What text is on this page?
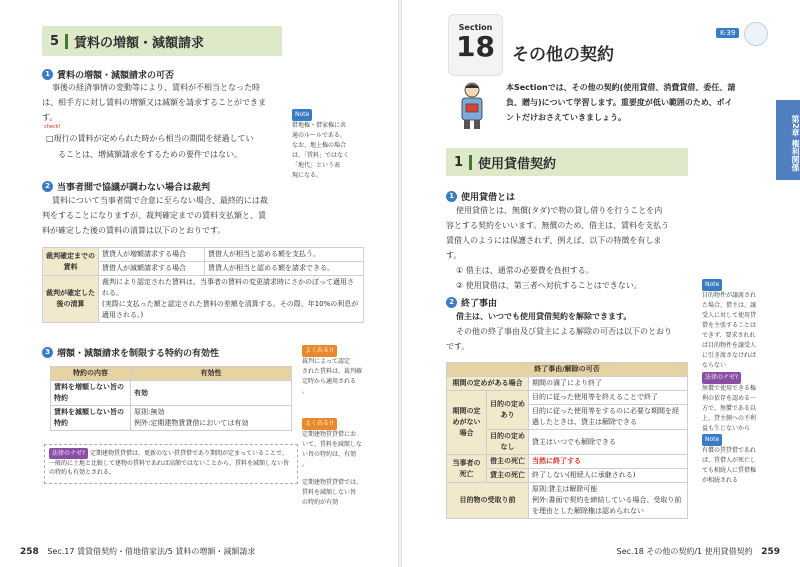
5	賃料の増額・減額請求
1 賃料の増額・減額請求の可否
事後の経済事情の変動等により、賃料が不相当となった時
は、相手方に対し賃料の増額又は減額を請求することができま
す。
check!
□現行の賃料が定められた時から相当の期間を経過してい
ることは、増減額請求をするための要件ではない。
Note
借地権・借家権に共
通のルールである。
なお、地上権の場合
は、「賃料」ではなく
「地代」という表
現になる。
2 当事者間で協議が調わない場合は裁判
賃料について当事者間で合意に至らない場合、最終的には裁
判をすることになりますが、裁判確定までの賃料支払額と、賃
料が確定した後の賃料の清算は以下のとおりです。
裁判確定までの賃料	賃貸人が増額請求する場合	賃借人が相当と認める額を支払う。
	賃借人が減額請求する場合	賃貸人が相当と認める額を請求できる。
裁判が確定した後の清算	裁判により認定された賃料は、当事者の賃料の変更請求時にさかのぼって適用される。
(実際に支払った額と認定された賃料の差額を清算する。その際、年10%の利息が適用される。)	
3 増額・減額請求を制限する特約の有効性
特約の内容	有効性
賃料を増額しない旨の特約	有効
賃料を減額しない旨の特約	原則:無効
例外:定期建物賃貸借においては有効
法律のナゼ? 定期建物賃貸借は、更新のない賃貸借であり期間が定まっていることで、一般的に土地と比較して建物の賃料であれば高額ではないことから、賃料を減額しない旨の特約も有効とされる。
よく出る!!
裁判によって認定
された賃料は、裁判確
定時から適用される
。
よく出る!!
定期建物賃貸借にお
いて、賃料を減額しな
い旨の特約は、有効
。
定期建物賃貸借では、
賃料を減額しない旨
の特約が有効
258 Sec.17 賃貸借契約・借地借家法/5 賃料の増額・減額請求
Section
18	その他の契約
K-39
本Sectionでは、その他の契約(使用貸借、消費貸借、委任、請
負、贈与)について学習します。重要度が低い範囲のため、ポイ
ントだけおさえていきましょう。	第2章 権利関係
1	使用貸借契約
1 使用貸借とは
使用貸借とは、無償(タダ)で物の貸し借りを行うことを内
容とする契約をいいます。無償のため、借主は、賃料を支払う
賃借人のようには保護されず、例えば、以下の特徴を有しま
す。
① 借主は、通常の必要費を負担する。
② 使用貸借は、第三者へ対抗することはできない。
2 終了事由
借主は、いつでも使用貸借契約を解除できます。
その他の終了事由及び貸主による解除の可否は以下のとおり
です。
終了事由/解除の可否		
期間の定めがある場合		期間の満了により終了
期間の定めがない場合	目的の定めあり	目的に従った使用等を終えることで終了
		目的に従った使用等をするのに必要な期間を経過したときは、貸主は解除できる
	目的の定めなし	貸主はいつでも解除できる
当事者の死亡	借主の死亡	当然に終了する
	貸主の死亡	終了しない(相続人に承継される)
目的物の受取り前		原則:貸主は解除可能
例外:書面で契約を締結している場合、受取り前を理由とした解除権は認められない
Note
目的物件が譲渡され
た場合、借主は、譲
受人に対して使用貸
借を主張することは
できず、要求されれ
ば目的物件を譲受人
に引き渡さなければ
ならない
法律のナゼ?
無償で使用できる権
利の依存を認める一
方で、無償である以
上、貸主側への不利
益も生じないから
Note
有償の賃貸借であれ
ば、賃借人が死亡し
ても相続人に賃借権
が相続される
Sec.18 その他の契約/1 使用貸借契約 259
